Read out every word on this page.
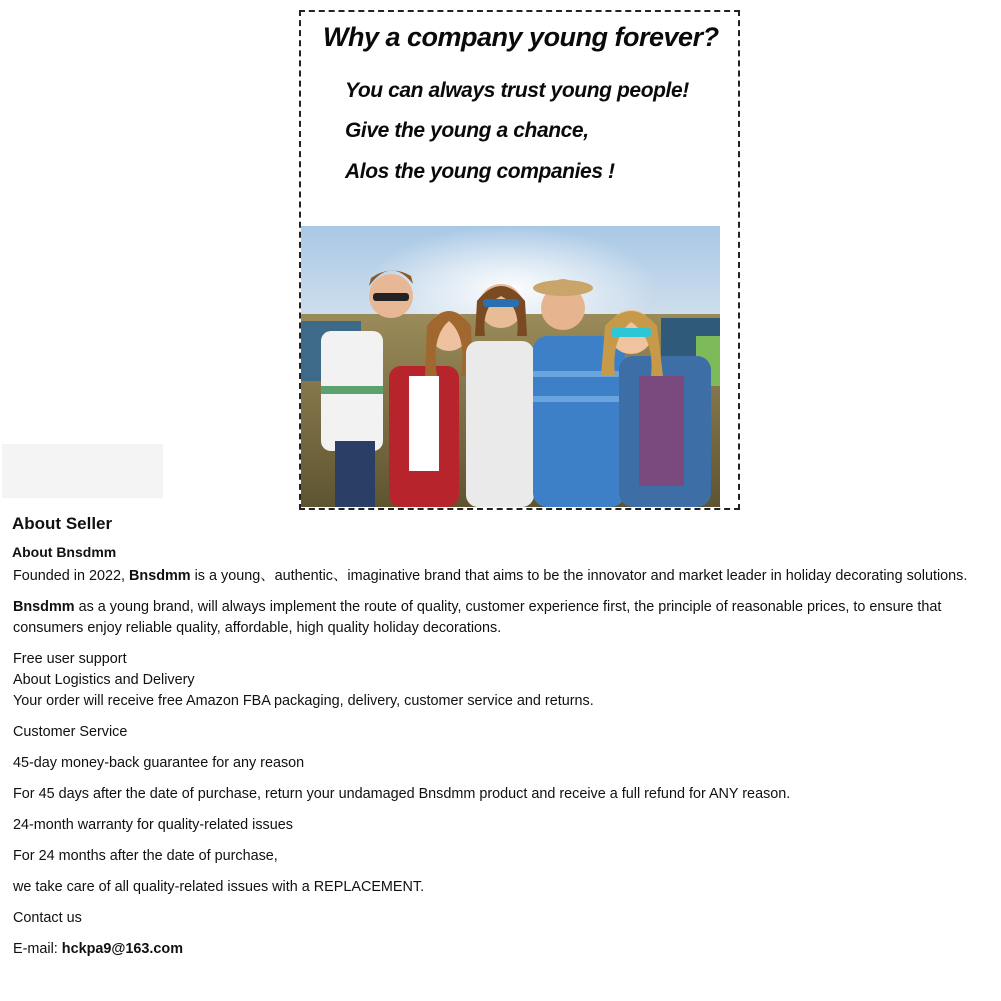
Why a company young forever?
You can always trust young people!
Give the young a chance,
Alos the young companies !
About Seller
About Bnsdmm

Founded in 2022, Bnsdmm is a young、authentic、imaginative brand that aims to be the innovator and market leader in holiday decorating solutions.

Bnsdmm as a young brand, will always implement the route of quality, customer experience first, the principle of reasonable prices, to ensure that consumers enjoy reliable quality, affordable, high quality holiday decorations.

Free user support

About Logistics and Delivery

Your order will receive free Amazon FBA packaging, delivery, customer service and returns.

Customer Service

45-day money-back guarantee for any reason

For 45 days after the date of purchase, return your undamaged Bnsdmm product and receive a full refund for ANY reason.

24-month warranty for quality-related issues

For 24 months after the date of purchase,

we take care of all quality-related issues with a REPLACEMENT.

Contact us

E-mail: hckpa9@163.com
